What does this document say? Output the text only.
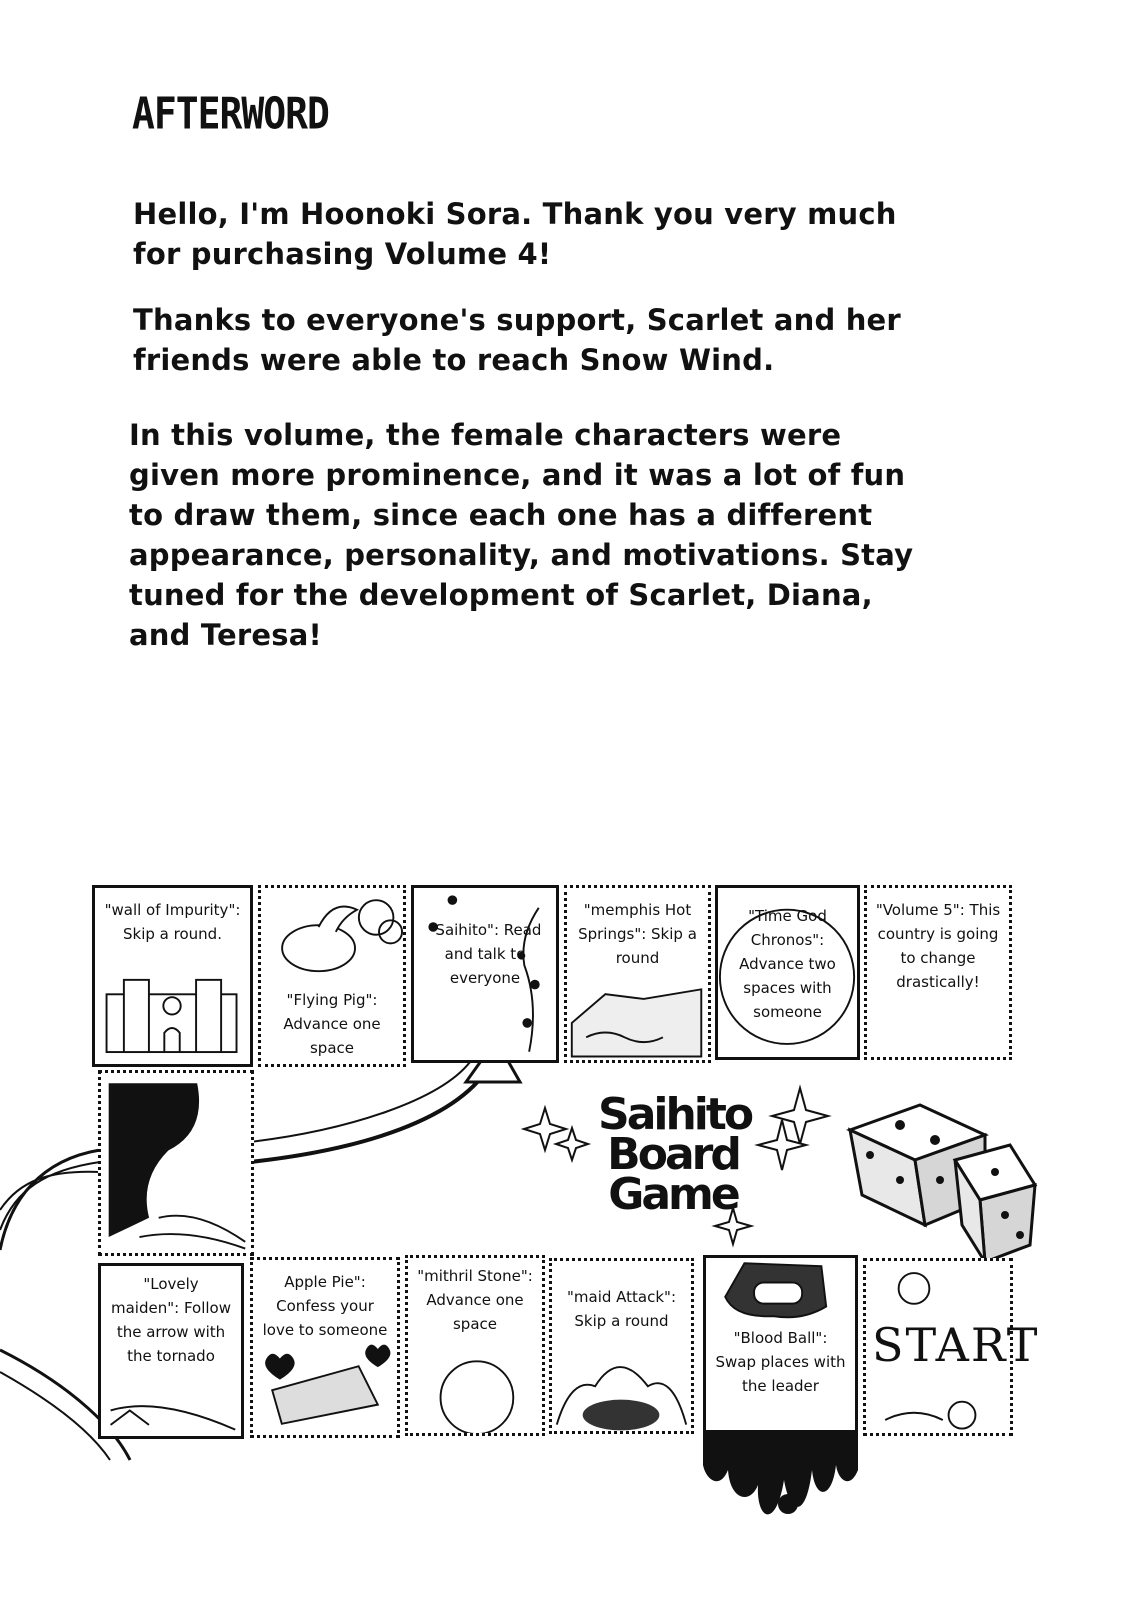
AFTERWORD

Hello, I'm Hoonoki Sora. Thank you very much for purchasing Volume 4!

Thanks to everyone's support, Scarlet and her friends were able to reach Snow Wind.

In this volume, the female characters were given more prominence, and it was a lot of fun to draw them, since each one has a different appearance, personality, and motivations. Stay tuned for the development of Scarlet, Diana, and Teresa!

"wall of Impurity": Skip a round.
"Flying Pig": Advance one space
"Saihito": Read and talk to everyone
"memphis Hot Springs": Skip a round
"Time God Chronos": Advance two spaces with someone
"Volume 5": This country is going to change drastically!
Saihito
Board
Game
"Lovely maiden": Follow the arrow with the tornado
Apple Pie": Confess your love to someone
"mithril Stone": Advance one space
"maid Attack": Skip a round
"Blood Ball": Swap places with the leader
START
